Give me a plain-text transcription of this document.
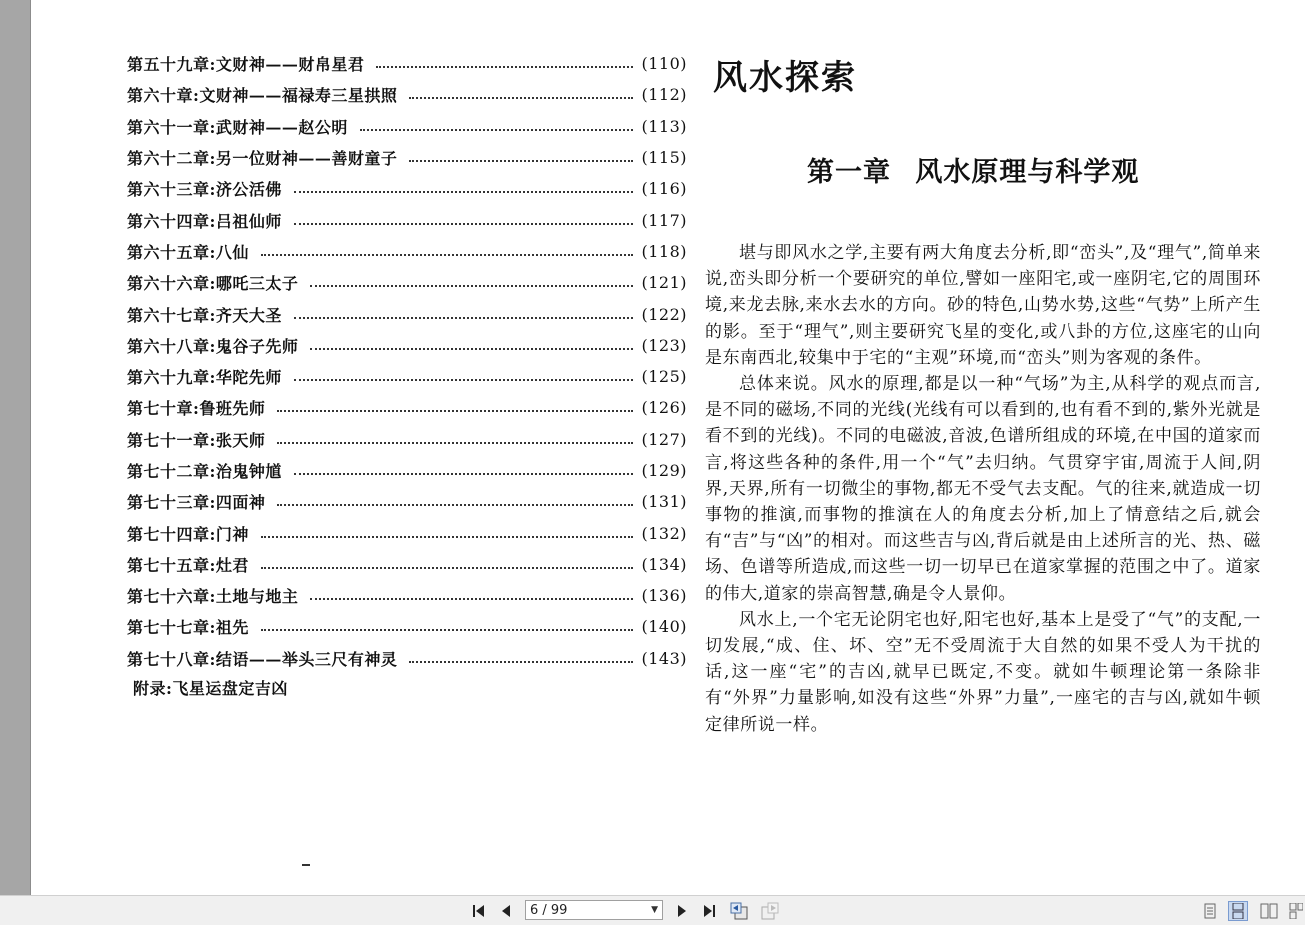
第五十九章:文财神——财帛星君	(110)
第六十章:文财神——福禄寿三星拱照	(112)
第六十一章:武财神——赵公明	(113)
第六十二章:另一位财神——善财童子	(115)
第六十三章:济公活佛	(116)
第六十四章:吕祖仙师	(117)
第六十五章:八仙	(118)
第六十六章:哪吒三太子	(121)
第六十七章:齐天大圣	(122)
第六十八章:鬼谷子先师	(123)
第六十九章:华陀先师	(125)
第七十章:鲁班先师	(126)
第七十一章:张天师	(127)
第七十二章:治鬼钟馗	(129)
第七十三章:四面神	(131)
第七十四章:门神	(132)
第七十五章:灶君	(134)
第七十六章:土地与地主	(136)
第七十七章:祖先	(140)
第七十八章:结语——举头三尺有神灵	(143)
附录:飞星运盘定吉凶
风水探索
第一章 风水原理与科学观

堪与即风水之学,主要有两大角度去分析,即“峦头”,及“理气”,简单来说,峦头即分析一个要研究的单位,譬如一座阳宅,或一座阴宅,它的周围环境,来龙去脉,来水去水的方向。砂的特色,山势水势,这些“气势”上所产生的影。至于“理气”,则主要研究飞星的变化,或八卦的方位,这座宅的山向是东南西北,较集中于宅的“主观”环境,而“峦头”则为客观的条件。

总体来说。风水的原理,都是以一种“气场”为主,从科学的观点而言,是不同的磁场,不同的光线(光线有可以看到的,也有看不到的,紫外光就是看不到的光线)。不同的电磁波,音波,色谱所组成的环境,在中国的道家而言,将这些各种的条件,用一个“气”去归纳。气贯穿宇宙,周流于人间,阴界,天界,所有一切微尘的事物,都无不受气去支配。气的往来,就造成一切事物的推演,而事物的推演在人的角度去分析,加上了情意结之后,就会有“吉”与“凶”的相对。而这些吉与凶,背后就是由上述所言的光、热、磁场、色谱等所造成,而这些一切一切早已在道家掌握的范围之中了。道家的伟大,道家的崇高智慧,确是令人景仰。

风水上,一个宅无论阴宅也好,阳宅也好,基本上是受了“气”的支配,一切发展,“成、住、坏、空”无不受周流于大自然的如果不受人为干扰的话,这一座“宅”的吉凶,就早已既定,不变。就如牛顿理论第一条除非有“外界”力量影响,如没有这些“外界”力量”,一座宅的吉与凶,就如牛顿定律所说一样。

6 / 99	▼
